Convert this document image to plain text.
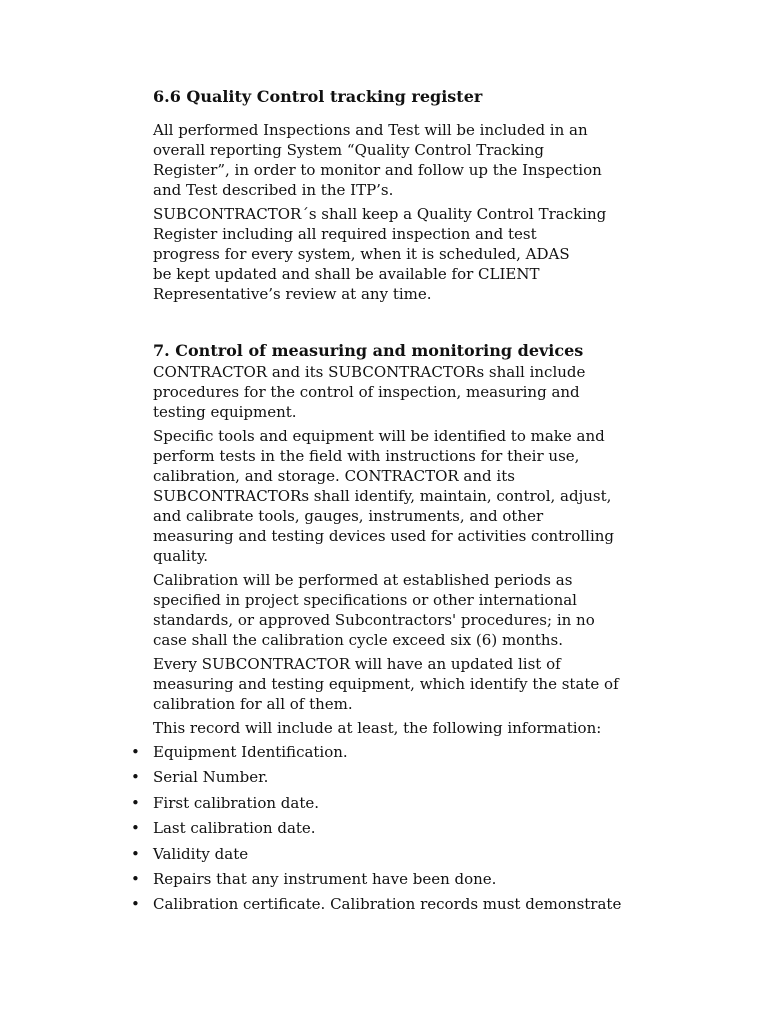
6.6 Quality Control tracking register

All performed Inspections and Test will be included in an
overall reporting System “Quality Control Tracking
Register”, in order to monitor and follow up the Inspection
and Test described in the ITP’s.

SUBCONTRACTOR´s shall keep a Quality Control Tracking
Register including all required inspection and test
progress for every system, when it is scheduled, ADAS
be kept updated and shall be available for CLIENT
Representative’s review at any time.

7. Control of measuring and monitoring devices

CONTRACTOR and its SUBCONTRACTORs shall include
procedures for the control of inspection, measuring and
testing equipment.

Specific tools and equipment will be identified to make and
perform tests in the field with instructions for their use,
calibration, and storage. CONTRACTOR and its
SUBCONTRACTORs shall identify, maintain, control, adjust,
and calibrate tools, gauges, instruments, and other
measuring and testing devices used for activities controlling
quality.

Calibration will be performed at established periods as
specified in project specifications or other international
standards, or approved Subcontractors' procedures; in no
case shall the calibration cycle exceed six (6) months.

Every SUBCONTRACTOR will have an updated list of
measuring and testing equipment, which identify the state of
calibration for all of them.

This record will include at least, the following information:

• Equipment Identification.
• Serial Number.
• First calibration date.
• Last calibration date.
• Validity date
• Repairs that any instrument have been done.
• Calibration certificate. Calibration records must demonstrate
